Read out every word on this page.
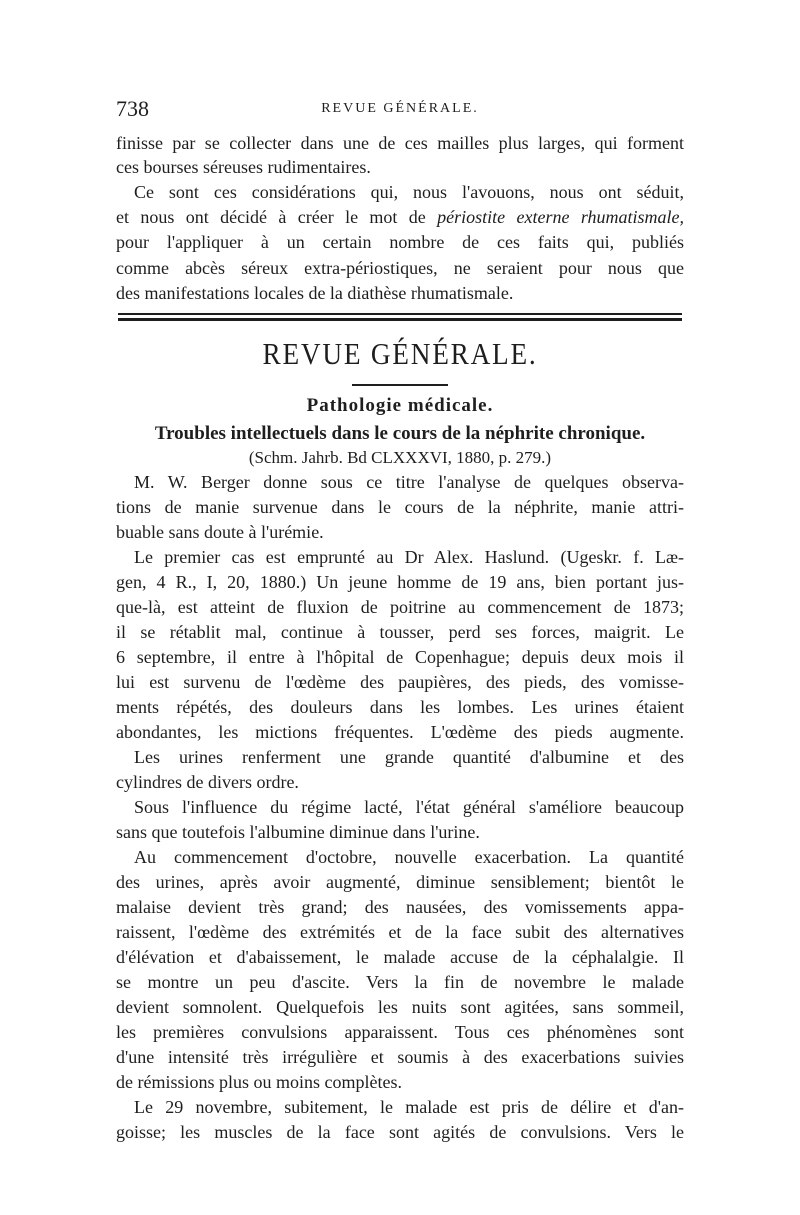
738	REVUE GÉNÉRALE.
finisse par se collecter dans une de ces mailles plus larges, qui forment
ces bourses séreuses rudimentaires.
Ce sont ces considérations qui, nous l'avouons, nous ont séduit,
et nous ont décidé à créer le mot de périostite externe rhumatismale,
pour l'appliquer à un certain nombre de ces faits qui, publiés
comme abcès séreux extra-périostiques, ne seraient pour nous que
des manifestations locales de la diathèse rhumatismale.
REVUE GÉNÉRALE.
Pathologie médicale.
Troubles intellectuels dans le cours de la néphrite chronique.
(Schm. Jahrb. Bd CLXXXVI, 1880, p. 279.)
M. W. Berger donne sous ce titre l'analyse de quelques observa-
tions de manie survenue dans le cours de la néphrite, manie attri-
buable sans doute à l'urémie.
Le premier cas est emprunté au Dr Alex. Haslund. (Ugeskr. f. Læ-
gen, 4 R., I, 20, 1880.) Un jeune homme de 19 ans, bien portant jus-
que-là, est atteint de fluxion de poitrine au commencement de 1873;
il se rétablit mal, continue à tousser, perd ses forces, maigrit. Le
6 septembre, il entre à l'hôpital de Copenhague; depuis deux mois il
lui est survenu de l'œdème des paupières, des pieds, des vomisse-
ments répétés, des douleurs dans les lombes. Les urines étaient
abondantes, les mictions fréquentes. L'œdème des pieds augmente.
Les urines renferment une grande quantité d'albumine et des
cylindres de divers ordre.
Sous l'influence du régime lacté, l'état général s'améliore beaucoup
sans que toutefois l'albumine diminue dans l'urine.
Au commencement d'octobre, nouvelle exacerbation. La quantité
des urines, après avoir augmenté, diminue sensiblement; bientôt le
malaise devient très grand; des nausées, des vomissements appa-
raissent, l'œdème des extrémités et de la face subit des alternatives
d'élévation et d'abaissement, le malade accuse de la céphalalgie. Il
se montre un peu d'ascite. Vers la fin de novembre le malade
devient somnolent. Quelquefois les nuits sont agitées, sans sommeil,
les premières convulsions apparaissent. Tous ces phénomènes sont
d'une intensité très irrégulière et soumis à des exacerbations suivies
de rémissions plus ou moins complètes.
Le 29 novembre, subitement, le malade est pris de délire et d'an-
goisse; les muscles de la face sont agités de convulsions. Vers le
